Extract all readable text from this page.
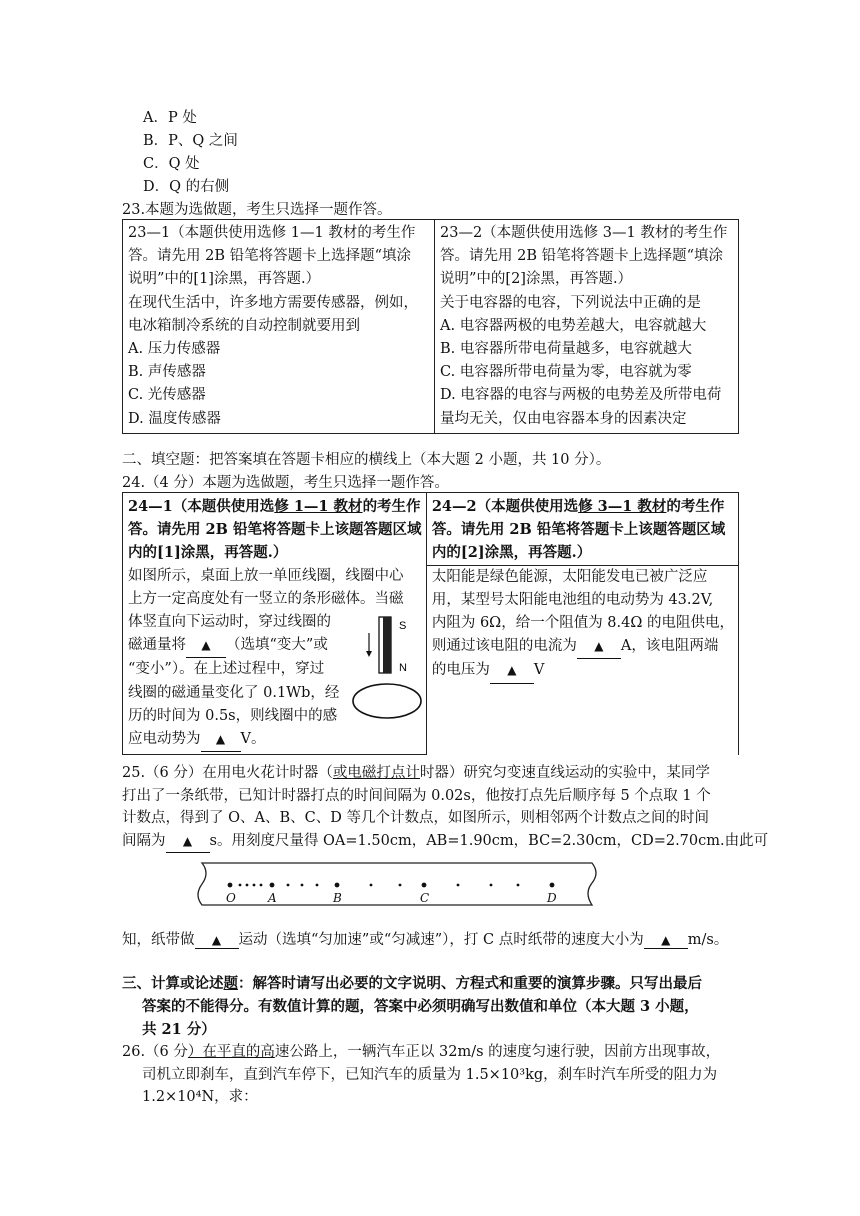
A．P 处
B．P、Q 之间
C．Q 处
D．Q 的右侧
23.本题为选做题，考生只选择一题作答。
23—1（本题供使用选修 1—1 教材的考生作
答。请先用 2B 铅笔将答题卡上选择题“填涂
说明”中的[1]涂黑，再答题.）
在现代生活中，许多地方需要传感器，例如，
电冰箱制冷系统的自动控制就要用到
A. 压力传感器
B. 声传感器
C. 光传感器
D. 温度传感器

23—2（本题供使用选修 3—1 教材的考生作
答。请先用 2B 铅笔将答题卡上选择题“填涂
说明”中的[2]涂黑，再答题.）
关于电容器的电容，下列说法中正确的是
A. 电容器两极的电势差越大，电容就越大
B. 电容器所带电荷量越多，电容就越大
C. 电容器所带电荷量为零，电容就为零
D. 电容器的电容与两极的电势差及所带电荷
量均无关，仅由电容器本身的因素决定
二、填空题：把答案填在答题卡相应的横线上（本大题 2 小题，共 10 分）。
24.（4 分）本题为选做题，考生只选择一题作答。
24—1（本题供使用选修 1—1 教材的考生作
答。请先用 2B 铅笔将答题卡上该题答题区域
内的[1]涂黑，再答题.）
如图所示，桌面上放一单匝线圈，线圈中心
上方一定高度处有一竖立的条形磁体。当磁
体竖直向下运动时，穿过线圈的
磁通量将 ▲ （选填“变大”或
“变小”）。在上述过程中，穿过
线圈的磁通量变化了 0.1Wb，经
历的时间为 0.5s，则线圈中的感
应电动势为 ▲ V。
S
N

24—2（本题供使用选修 3—1 教材的考生作
答。请先用 2B 铅笔将答题卡上该题答题区域
内的[2]涂黑，再答题.）
太阳能是绿色能源，太阳能发电已被广泛应
用，某型号太阳能电池组的电动势为 43.2V,
内阻为 6Ω，给一个阻值为 8.4Ω 的电阻供电，
则通过该电阻的电流为 ▲ A，该电阻两端
的电压为 ▲ V
25.（6 分）在用电火花计时器（或电磁打点计时器）研究匀变速直线运动的实验中，某同学
打出了一条纸带，已知计时器打点的时间间隔为 0.02s，他按打点先后顺序每 5 个点取 1 个
计数点，得到了 O、A、B、C、D 等几个计数点，如图所示，则相邻两个计数点之间的时间
间隔为 ▲ s。用刻度尺量得 OA=1.50cm，AB=1.90cm，BC=2.30cm，CD=2.70cm.由此可
O	A	B	C	D
知，纸带做 ▲ 运动（选填“匀加速”或“匀减速”），打 C 点时纸带的速度大小为 ▲ m/s。
三、计算或论述题：解答时请写出必要的文字说明、方程式和重要的演算步骤。只写出最后
答案的不能得分。有数值计算的题，答案中必须明确写出数值和单位（本大题 3 小题，
共 21 分）
26.（6 分）在平直的高速公路上，一辆汽车正以 32m/s 的速度匀速行驶，因前方出现事故，
司机立即刹车，直到汽车停下，已知汽车的质量为 1.5×10³kg，刹车时汽车所受的阻力为
1.2×10⁴N，求：
